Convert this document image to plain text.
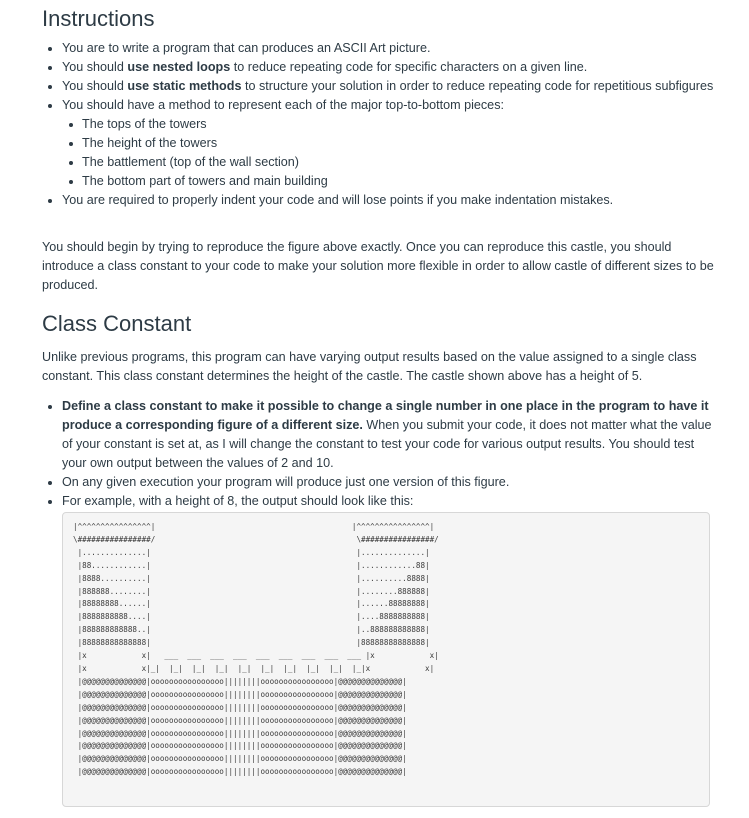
Instructions
You are to write a program that can produces an ASCII Art picture.
You should use nested loops to reduce repeating code for specific characters on a given line.
You should use static methods to structure your solution in order to reduce repeating code for repetitious subfigures
You should have a method to represent each of the major top-to-bottom pieces:
The tops of the towers
The height of the towers
The battlement (top of the wall section)
The bottom part of towers and main building
You are required to properly indent your code and will lose points if you make indentation mistakes.

You should begin by trying to reproduce the figure above exactly. Once you can reproduce this castle, you should introduce a class constant to your code to make your solution more flexible in order to allow castle of different sizes to be produced.

Class Constant

Unlike previous programs, this program can have varying output results based on the value assigned to a single class constant. This class constant determines the height of the castle. The castle shown above has a height of 5.

Define a class constant to make it possible to change a single number in one place in the program to have it produce a corresponding figure of a different size. When you submit your code, it does not matter what the value of your constant is set at, as I will change the constant to test your code for various output results. You should test your own output between the values of 2 and 10.
On any given execution your program will produce just one version of this figure.
For example, with a height of 8, the output should look like this:
|^^^^^^^^^^^^^^^^|                                           |^^^^^^^^^^^^^^^^|
\################/                                            \################/
|..............|                                             |..............|
|88............|                                             |............88|
|8888..........|                                             |..........8888|
|888888........|                                             |........888888|
|88888888......|                                             |......88888888|
|8888888888....|                                             |....8888888888|
|888888888888..|                                             |..888888888888|
|88888888888888|                                             |88888888888888|
|x            x|   ___  ___  ___  ___  ___  ___  ___  ___  ___ |x            x|
|x            x|_|  |_|  |_|  |_|  |_|  |_|  |_|  |_|  |_|  |_|x            x|
|@@@@@@@@@@@@@@|oooooooooooooooo||||||||oooooooooooooooo|@@@@@@@@@@@@@@|
|@@@@@@@@@@@@@@|oooooooooooooooo||||||||oooooooooooooooo|@@@@@@@@@@@@@@|
|@@@@@@@@@@@@@@|oooooooooooooooo||||||||oooooooooooooooo|@@@@@@@@@@@@@@|
|@@@@@@@@@@@@@@|oooooooooooooooo||||||||oooooooooooooooo|@@@@@@@@@@@@@@|
|@@@@@@@@@@@@@@|oooooooooooooooo||||||||oooooooooooooooo|@@@@@@@@@@@@@@|
|@@@@@@@@@@@@@@|oooooooooooooooo||||||||oooooooooooooooo|@@@@@@@@@@@@@@|
|@@@@@@@@@@@@@@|oooooooooooooooo||||||||oooooooooooooooo|@@@@@@@@@@@@@@|
|@@@@@@@@@@@@@@|oooooooooooooooo||||||||oooooooooooooooo|@@@@@@@@@@@@@@|
